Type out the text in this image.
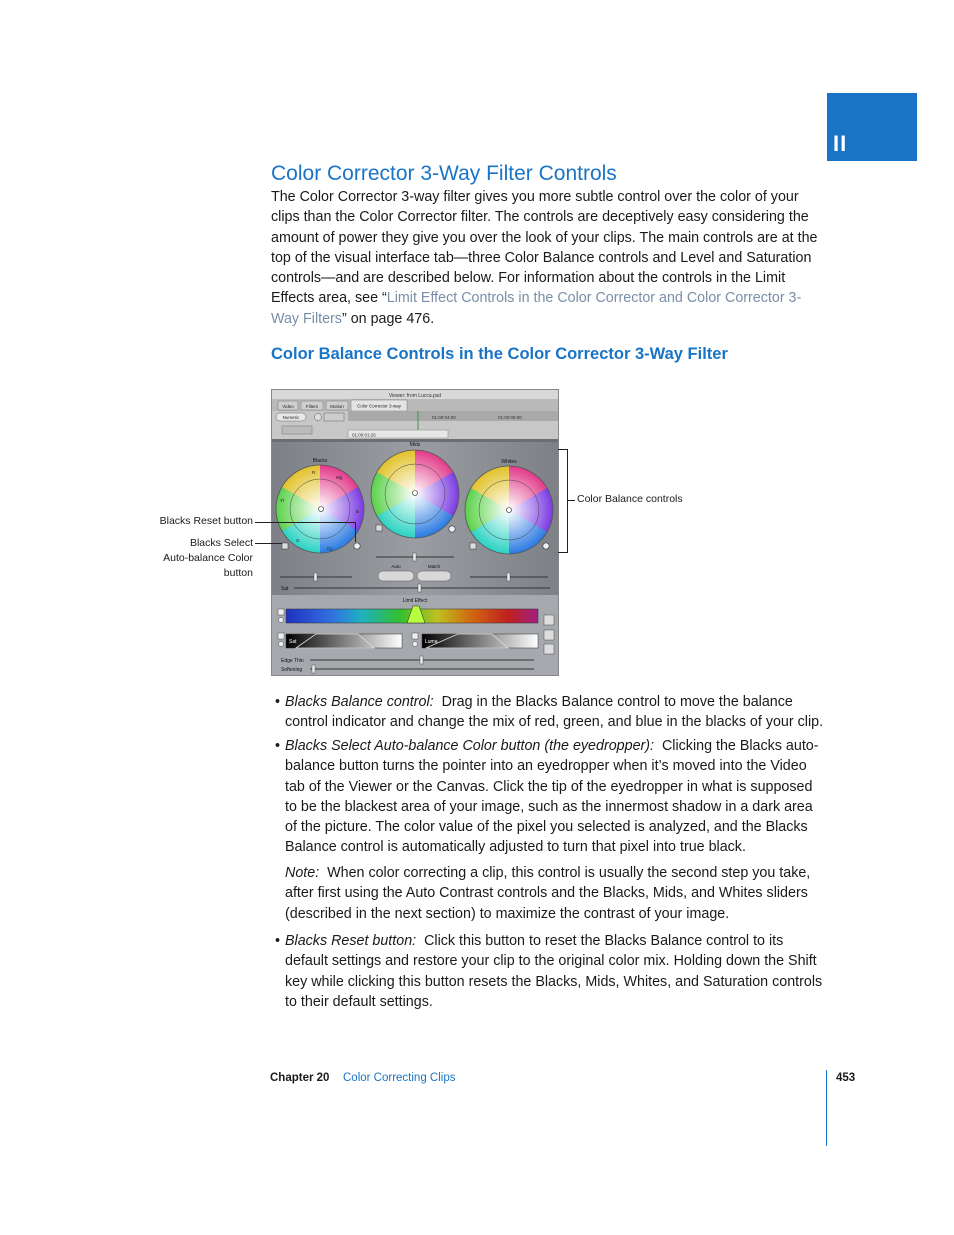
II
Color Corrector 3-Way Filter Controls

The Color Corrector 3-way filter gives you more subtle control over the color of your clips than the Color Corrector filter. The controls are deceptively easy considering the amount of power they give you over the look of your clips. The main controls are at the top of the visual interface tab—three Color Balance controls and Level and Saturation controls—and are described below. For information about the controls in the Limit Effects area, see “Limit Effect Controls in the Color Corrector and Color Corrector 3-Way Filters” on page 476.

Color Balance Controls in the Color Corrector 3-Way Filter
Viewer: from Lucca.psd
Video	Filters	Motion	Color Corrector 3-way
Numeric	01:00:04:00	01:00:08:00
01:00:01:26
Blacks
Mids
Whites
R
Mg
B
Cy
G
Yl
Auto	Match
Sat
Limit Effect
Sat	Luma
Edge Thin
Softening
Blacks Reset button
Blacks Select
Auto-balance Color
button
Color Balance controls
• Blacks Balance control: Drag in the Blacks Balance control to move the balance control indicator and change the mix of red, green, and blue in the blacks of your clip.
• Blacks Select Auto-balance Color button (the eyedropper): Clicking the Blacks auto-balance button turns the pointer into an eyedropper when it’s moved into the Video tab of the Viewer or the Canvas. Click the tip of the eyedropper in what is supposed to be the blackest area of your image, such as the innermost shadow in a dark area of the picture. The color value of the pixel you selected is analyzed, and the Blacks Balance control is automatically adjusted to turn that pixel into true black.
Note: When color correcting a clip, this control is usually the second step you take, after first using the Auto Contrast controls and the Blacks, Mids, and Whites sliders (described in the next section) to maximize the contrast of your image.
• Blacks Reset button: Click this button to reset the Blacks Balance control to its default settings and restore your clip to the original color mix. Holding down the Shift key while clicking this button resets the Blacks, Mids, Whites, and Saturation controls to their default settings.
Chapter 20 Color Correcting Clips	453
